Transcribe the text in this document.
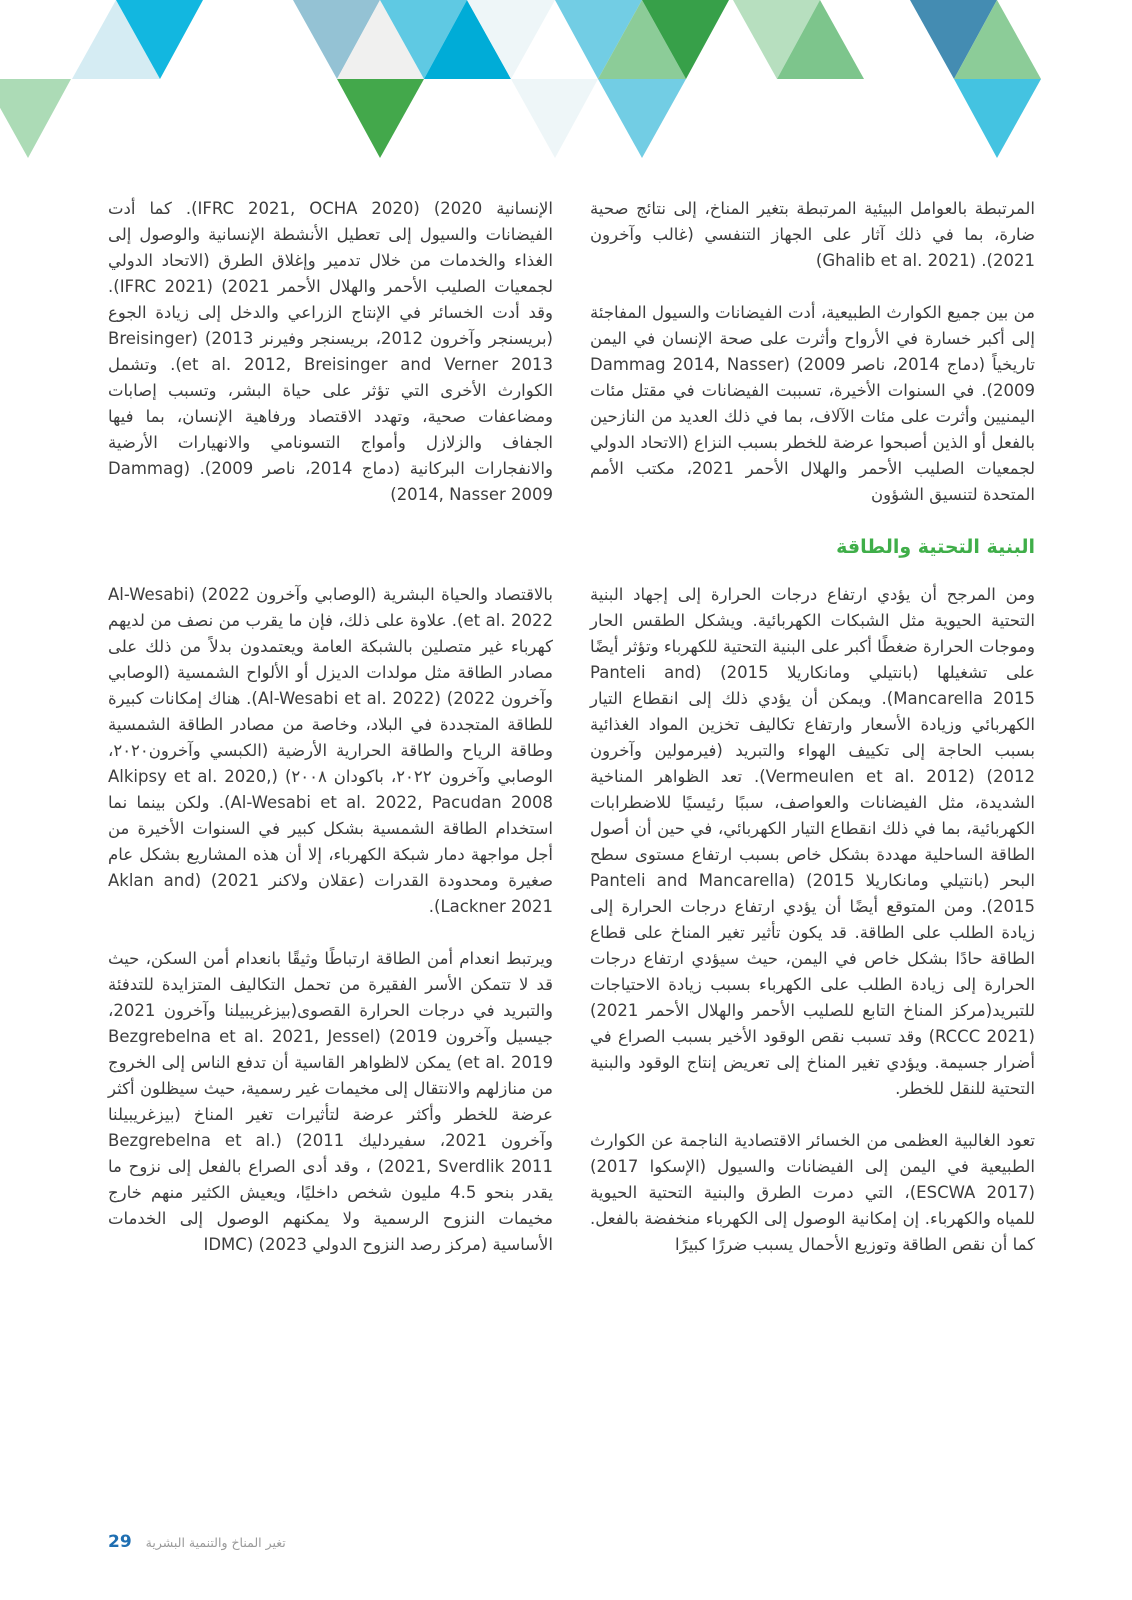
المرتبطة بالعوامل البيئية المرتبطة بتغير المناخ، إلى نتائج صحية ضارة، بما في ذلك آثار على الجهاز التنفسي (غالب وآخرون 2021). (Ghalib et al. 2021)

من بين جميع الكوارث الطبيعية، أدت الفيضانات والسيول المفاجئة إلى أكبر خسارة في الأرواح وأثرت على صحة الإنسان في اليمن تاريخياً (دماج 2014، ناصر 2009) (Dammag 2014, Nasser 2009). في السنوات الأخيرة، تسببت الفيضانات في مقتل مئات اليمنيين وأثرت على مئات الآلاف، بما في ذلك العديد من النازحين بالفعل أو الذين أصبحوا عرضة للخطر بسبب النزاع (الاتحاد الدولي لجمعيات الصليب الأحمر والهلال الأحمر 2021، مكتب الأمم المتحدة لتنسيق الشؤون

البنية التحتية والطاقة

ومن المرجح أن يؤدي ارتفاع درجات الحرارة إلى إجهاد البنية التحتية الحيوية مثل الشبكات الكهربائية. ويشكل الطقس الحار وموجات الحرارة ضغطًا أكبر على البنية التحتية للكهرباء وتؤثر أيضًا على تشغيلها (بانتيلي ومانكاريلا 2015) (Panteli and Mancarella 2015). ويمكن أن يؤدي ذلك إلى انقطاع التيار الكهربائي وزيادة الأسعار وارتفاع تكاليف تخزين المواد الغذائية بسبب الحاجة إلى تكييف الهواء والتبريد (فيرمولين وآخرون 2012) (Vermeulen et al. 2012). تعد الظواهر المناخية الشديدة، مثل الفيضانات والعواصف، سببًا رئيسيًا للاضطرابات الكهربائية، بما في ذلك انقطاع التيار الكهربائي، في حين أن أصول الطاقة الساحلية مهددة بشكل خاص بسبب ارتفاع مستوى سطح البحر (بانتيلي ومانكاريلا 2015) (Panteli and Mancarella 2015). ومن المتوقع أيضًا أن يؤدي ارتفاع درجات الحرارة إلى زيادة الطلب على الطاقة. قد يكون تأثير تغير المناخ على قطاع الطاقة حادًا بشكل خاص في اليمن، حيث سيؤدي ارتفاع درجات الحرارة إلى زيادة الطلب على الكهرباء بسبب زيادة الاحتياجات للتبريد(مركز المناخ التابع للصليب الأحمر والهلال الأحمر 2021) (RCCC 2021) وقد تسبب نقص الوقود الأخير بسبب الصراع في أضرار جسيمة. ويؤدي تغير المناخ إلى تعريض إنتاج الوقود والبنية التحتية للنقل للخطر.

تعود الغالبية العظمى من الخسائر الاقتصادية الناجمة عن الكوارث الطبيعية في اليمن إلى الفيضانات والسيول (الإسكوا 2017) (ESCWA 2017)، التي دمرت الطرق والبنية التحتية الحيوية للمياه والكهرباء. إن إمكانية الوصول إلى الكهرباء منخفضة بالفعل. كما أن نقص الطاقة وتوزيع الأحمال يسبب ضررًا كبيرًا

الإنسانية 2020) (IFRC 2021, OCHA 2020). كما أدت الفيضانات والسيول إلى تعطيل الأنشطة الإنسانية والوصول إلى الغذاء والخدمات من خلال تدمير وإغلاق الطرق (الاتحاد الدولي لجمعيات الصليب الأحمر والهلال الأحمر 2021) (IFRC 2021). وقد أدت الخسائر في الإنتاج الزراعي والدخل إلى زيادة الجوع (بريسنجر وآخرون 2012، بريسنجر وفيرنر 2013) (Breisinger et al. 2012, Breisinger and Verner 2013). وتشمل الكوارث الأخرى التي تؤثر على حياة البشر، وتسبب إصابات ومضاعفات صحية، وتهدد الاقتصاد ورفاهية الإنسان، بما فيها الجفاف والزلازل وأمواج التسونامي والانهيارات الأرضية والانفجارات البركانية (دماج 2014، ناصر 2009). (Dammag 2014, Nasser 2009)

بالاقتصاد والحياة البشرية (الوصابي وآخرون 2022) (Al-Wesabi et al. 2022). علاوة على ذلك، فإن ما يقرب من نصف من لديهم كهرباء غير متصلين بالشبكة العامة ويعتمدون بدلاً من ذلك على مصادر الطاقة مثل مولدات الديزل أو الألواح الشمسية (الوصابي وآخرون 2022) (Al-Wesabi et al. 2022). هناك إمكانات كبيرة للطاقة المتجددة في البلاد، وخاصة من مصادر الطاقة الشمسية وطاقة الرياح والطاقة الحرارية الأرضية (الكبسي وآخرون٢٠٢٠، الوصابي وآخرون ٢٠٢٢، باكودان ٢٠٠٨) (Alkipsy et al. 2020, Al-Wesabi et al. 2022, Pacudan 2008). ولكن بينما نما استخدام الطاقة الشمسية بشكل كبير في السنوات الأخيرة من أجل مواجهة دمار شبكة الكهرباء، إلا أن هذه المشاريع بشكل عام صغيرة ومحدودة القدرات (عقلان ولاكنر 2021) (Aklan and Lackner 2021).

ويرتبط انعدام أمن الطاقة ارتباطًا وثيقًا بانعدام أمن السكن، حيث قد لا تتمكن الأسر الفقيرة من تحمل التكاليف المتزايدة للتدفئة والتبريد في درجات الحرارة القصوى(بيزغريبيلنا وآخرون 2021، جيسيل وآخرون 2019) (Bezgrebelna et al. 2021, Jessel et al. 2019) يمكن لالظواهر القاسية أن تدفع الناس إلى الخروج من منازلهم والانتقال إلى مخيمات غير رسمية، حيث سيظلون أكثر عرضة للخطر وأكثر عرضة لتأثيرات تغير المناخ (بيزغريبيلنا وآخرون 2021، سفيردليك 2011) (Bezgrebelna et al. 2021, Sverdlik 2011) ، وقد أدى الصراع بالفعل إلى نزوح ما يقدر بنحو 4.5 مليون شخص داخليًا، ويعيش الكثير منهم خارج مخيمات النزوح الرسمية ولا يمكنهم الوصول إلى الخدمات الأساسية (مركز رصد النزوح الدولي 2023) (IDMC

29 تغير المناخ والتنمية البشرية
